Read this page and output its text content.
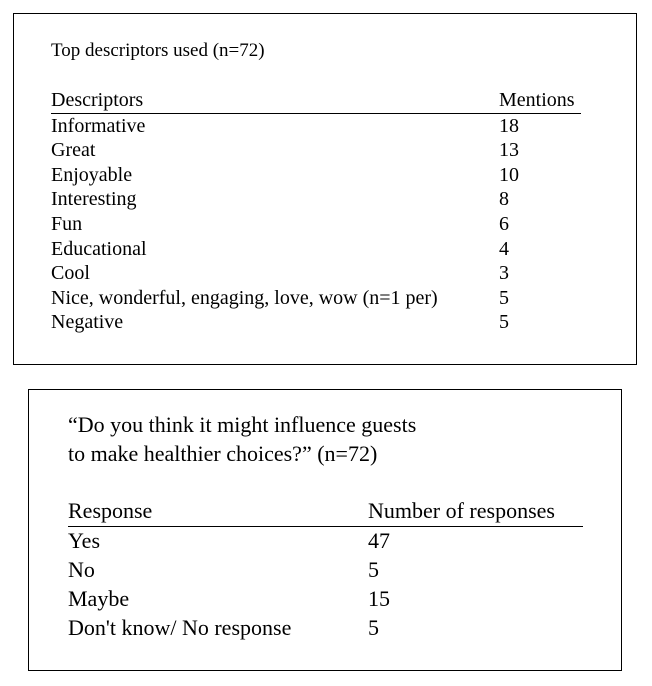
Top descriptors used (n=72)
Descriptors	Mentions
Informative	18
Great	13
Enjoyable	10
Interesting	8
Fun	6
Educational	4
Cool	3
Nice, wonderful, engaging, love, wow (n=1 per)	5
Negative	5
“Do you think it might influence guests
to make healthier choices?” (n=72)
Response	Number of responses
Yes	47
No	5
Maybe	15
Don't know/ No response	5
